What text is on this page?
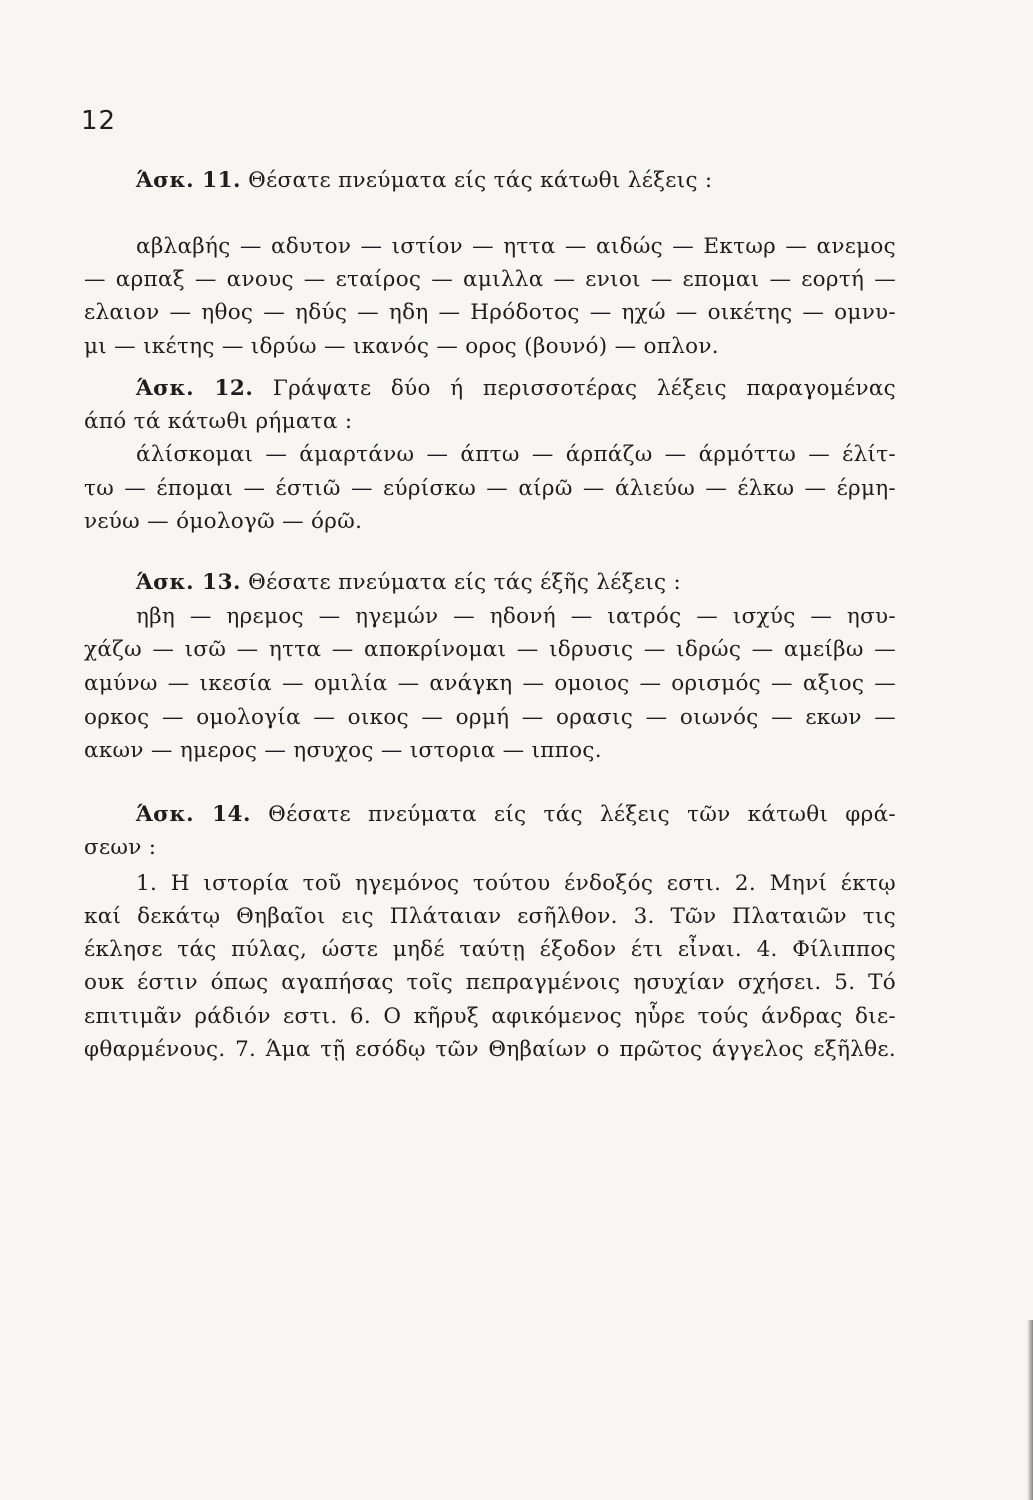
12
Άσκ. 11. Θέσατε πνεύματα είς τάς κάτωθι λέξεις :
αβλαβής — αδυτον — ιστίον — ηττα — αιδώς — Εκτωρ — ανεμος
— αρπαξ — ανους — εταίρος — αμιλλα — ενιοι — επομαι — εορτή —
ελαιον — ηθος — ηδύς — ηδη — Ηρόδοτος — ηχώ — οικέτης — ομνυ-
μι — ικέτης — ιδρύω — ικανός — ορος (βουνό) — οπλον.
Άσκ. 12. Γράψατε δύο ή περισσοτέρας λέξεις παραγομένας
άπό τά κάτωθι ρήματα :
άλίσκομαι — άμαρτάνω — άπτω — άρπάζω — άρμόττω — έλίτ-
τω — έπομαι — έστιῶ — εύρίσκω — αίρῶ — άλιεύω — έλκω — έρμη-
νεύω — όμολογῶ — όρῶ.
Άσκ. 13. Θέσατε πνεύματα είς τάς έξῆς λέξεις :
ηβη — ηρεμος — ηγεμών — ηδονή — ιατρός — ισχύς — ησυ-
χάζω — ισῶ — ηττα — αποκρίνομαι — ιδρυσις — ιδρώς — αμείβω —
αμύνω — ικεσία — ομιλία — ανάγκη — ομοιος — ορισμός — αξιος —
ορκος — ομολογία — οικος — ορμή — ορασις — οιωνός — εκων —
ακων — ημερος — ησυχος — ιστορια — ιππος.
Άσκ. 14. Θέσατε πνεύματα είς τάς λέξεις τῶν κάτωθι φρά-
σεων :
1. Η ιστορία τοῦ ηγεμόνος τούτου ένδοξός εστι. 2. Μηνί έκτῳ
καί δεκάτῳ Θηβαῖοι εις Πλάταιαν εσῆλθον. 3. Τῶν Πλαταιῶν τις
έκλησε τάς πύλας, ώστε μηδέ ταύτῃ έξοδον έτι εἶναι. 4. Φίλιππος
ουκ έστιν όπως αγαπήσας τοῖς πεπραγμένοις ησυχίαν σχήσει. 5. Τό
επιτιμᾶν ράδιόν εστι. 6. Ο κῆρυξ αφικόμενος ηὗρε τούς άνδρας διε-
φθαρμένους. 7. Άμα τῇ εσόδῳ τῶν Θηβαίων ο πρῶτος άγγελος εξῆλθε.
